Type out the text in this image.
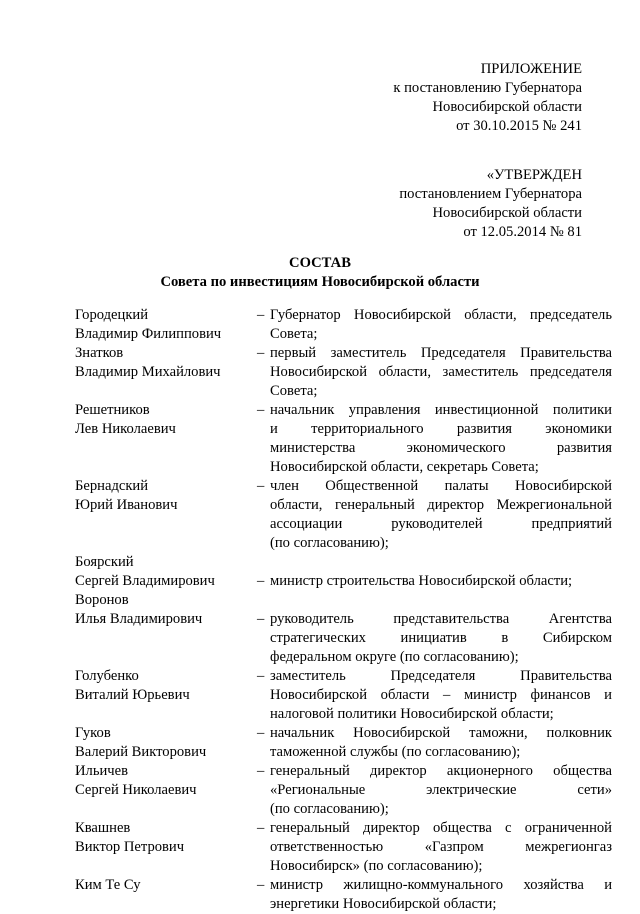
ПРИЛОЖЕНИЕ
к постановлению Губернатора
Новосибирской области
от 30.10.2015 № 241
«УТВЕРЖДЕН
постановлением Губернатора
Новосибирской области
от 12.05.2014 № 81
СОСТАВ
Совета по инвестициям Новосибирской области
Городецкий
Владимир Филиппович
– Губернатор Новосибирской области, председатель
Совета;
Знатков
Владимир Михайлович
– первый заместитель Председателя Правительства
Новосибирской области, заместитель председателя
Совета;
Решетников
Лев Николаевич
– начальник управления инвестиционной политики
и территориального развития экономики
министерства экономического развития
Новосибирской области, секретарь Совета;
Бернадский
Юрий Иванович
– член Общественной палаты Новосибирской
области, генеральный директор Межрегиональной
ассоциации руководителей предприятий
(по согласованию);
Боярский
Сергей Владимирович
	–
министр строительства Новосибирской области;
Воронов
Илья Владимирович
	–
руководитель представительства Агентства
стратегических инициатив в Сибирском
федеральном округе (по согласованию);
Голубенко
Виталий Юрьевич
– заместитель Председателя Правительства
Новосибирской области – министр финансов и
налоговой политики Новосибирской области;
Гуков
Валерий Викторович
– начальник Новосибирской таможни, полковник
таможенной службы (по согласованию);
Ильичев
Сергей Николаевич
– генеральный директор акционерного общества
«Региональные электрические сети»
(по согласованию);
Квашнев
Виктор Петрович
– генеральный директор общества с ограниченной
ответственностью «Газпром межрегионгаз
Новосибирск» (по согласованию);
Ким Те Су	– министр жилищно-коммунального хозяйства и
энергетики Новосибирской области;
